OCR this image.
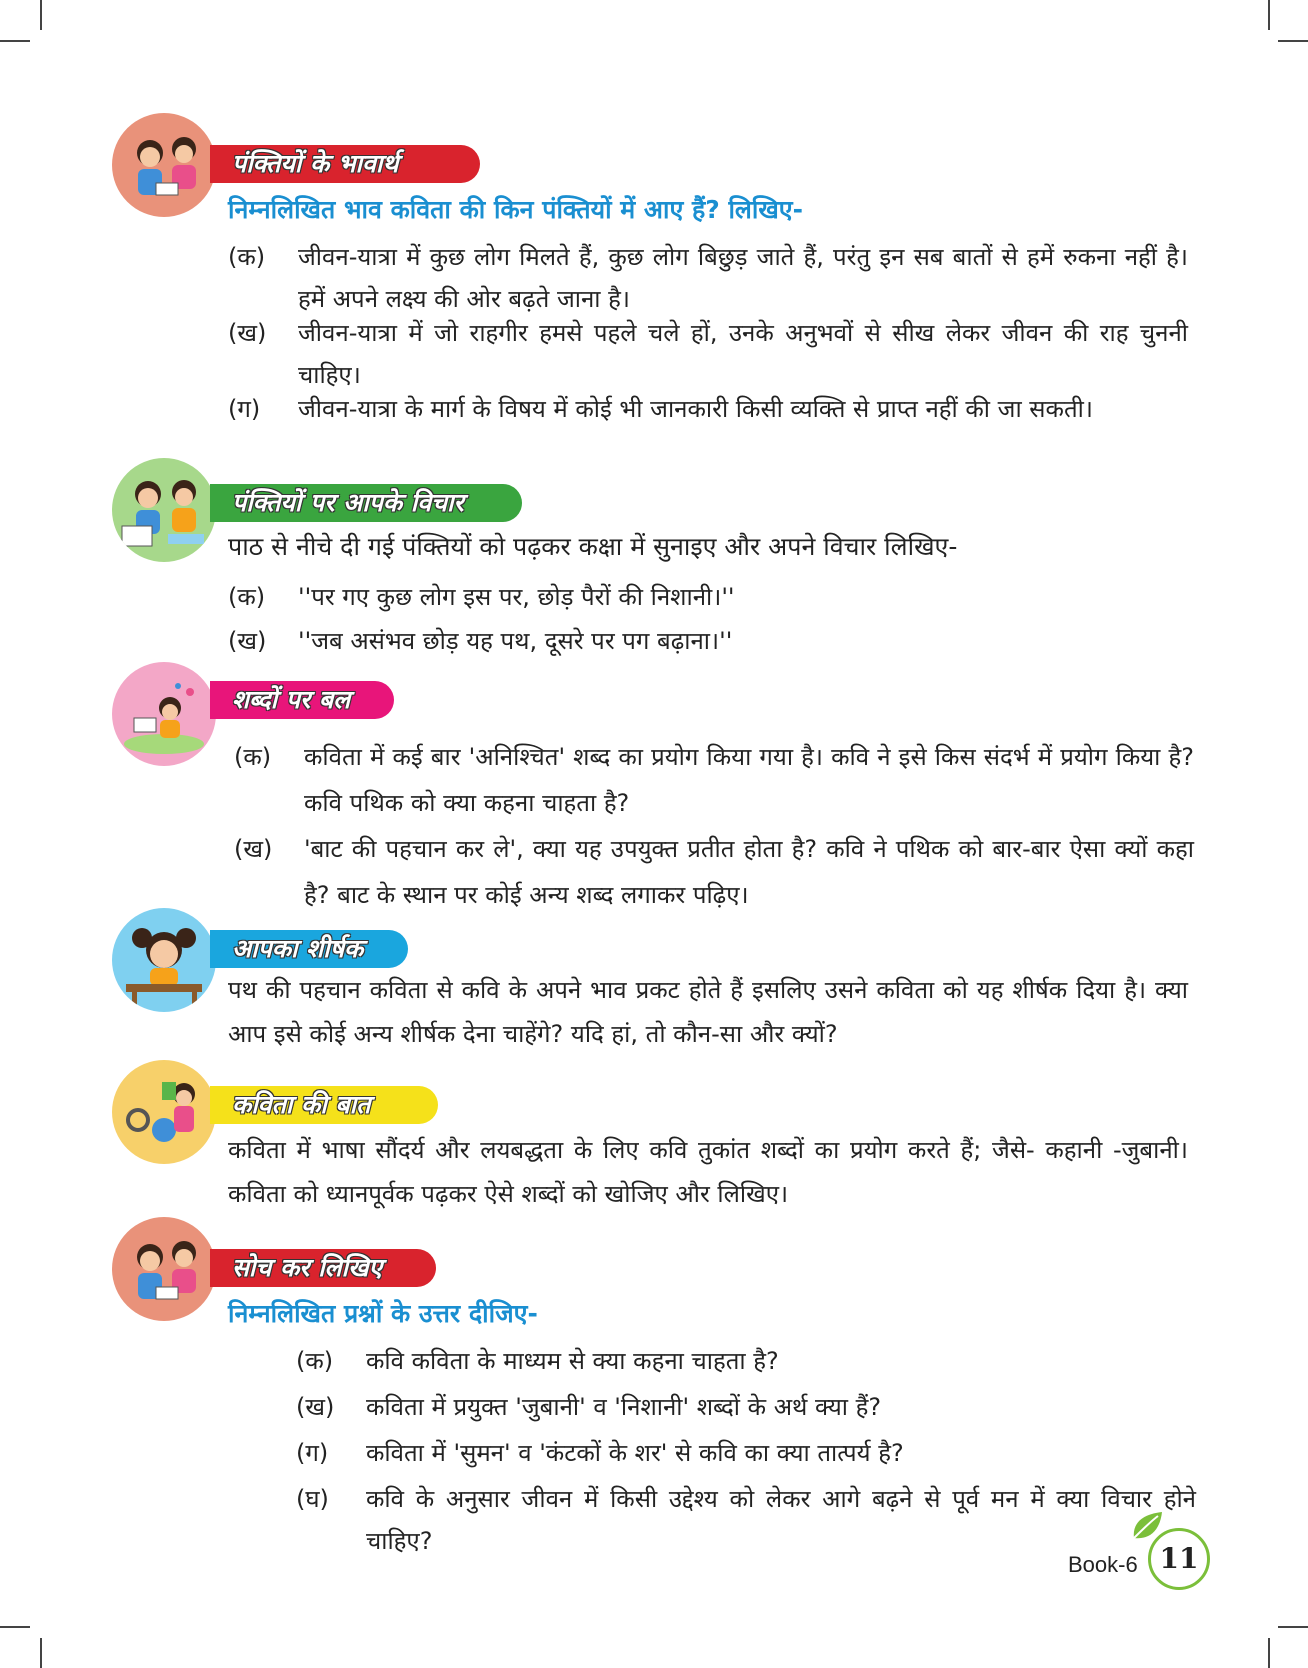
पंक्तियों के भावार्थ
निम्नलिखित भाव कविता की किन पंक्तियों में आए हैं? लिखिए-
(क)	जीवन-यात्रा में कुछ लोग मिलते हैं, कुछ लोग बिछुड़ जाते हैं, परंतु इन सब बातों से हमें रुकना नहीं है। हमें अपने लक्ष्य की ओर बढ़ते जाना है।
(ख)	जीवन-यात्रा में जो राहगीर हमसे पहले चले हों, उनके अनुभवों से सीख लेकर जीवन की राह चुननी चाहिए।
(ग)	जीवन-यात्रा के मार्ग के विषय में कोई भी जानकारी किसी व्यक्ति से प्राप्त नहीं की जा सकती।
पंक्तियों पर आपके विचार
पाठ से नीचे दी गई पंक्तियों को पढ़कर कक्षा में सुनाइए और अपने विचार लिखिए-
(क)	''पर गए कुछ लोग इस पर, छोड़ पैरों की निशानी।''
(ख)	''जब असंभव छोड़ यह पथ, दूसरे पर पग बढ़ाना।''
शब्दों पर बल
(क)	कविता में कई बार 'अनिश्चित' शब्द का प्रयोग किया गया है। कवि ने इसे किस संदर्भ में प्रयोग किया है? कवि पथिक को क्या कहना चाहता है?
(ख)	'बाट की पहचान कर ले', क्या यह उपयुक्त प्रतीत होता है? कवि ने पथिक को बार-बार ऐसा क्यों कहा है? बाट के स्थान पर कोई अन्य शब्द लगाकर पढ़िए।
आपका शीर्षक
पथ की पहचान कविता से कवि के अपने भाव प्रकट होते हैं इसलिए उसने कविता को यह शीर्षक दिया है। क्या आप इसे कोई अन्य शीर्षक देना चाहेंगे? यदि हां, तो कौन-सा और क्यों?
कविता की बात
कविता में भाषा सौंदर्य और लयबद्धता के लिए कवि तुकांत शब्दों का प्रयोग करते हैं; जैसे- कहानी -जुबानी। कविता को ध्यानपूर्वक पढ़कर ऐसे शब्दों को खोजिए और लिखिए।
सोच कर लिखिए
निम्नलिखित प्रश्नों के उत्तर दीजिए-
(क)	कवि कविता के माध्यम से क्या कहना चाहता है?
(ख)	कविता में प्रयुक्त 'जुबानी' व 'निशानी' शब्दों के अर्थ क्या हैं?
(ग)	कविता में 'सुमन' व 'कंटकों के शर' से कवि का क्या तात्पर्य है?
(घ)	कवि के अनुसार जीवन में किसी उद्देश्य को लेकर आगे बढ़ने से पूर्व मन में क्या विचार होने चाहिए?
Book-6 11
